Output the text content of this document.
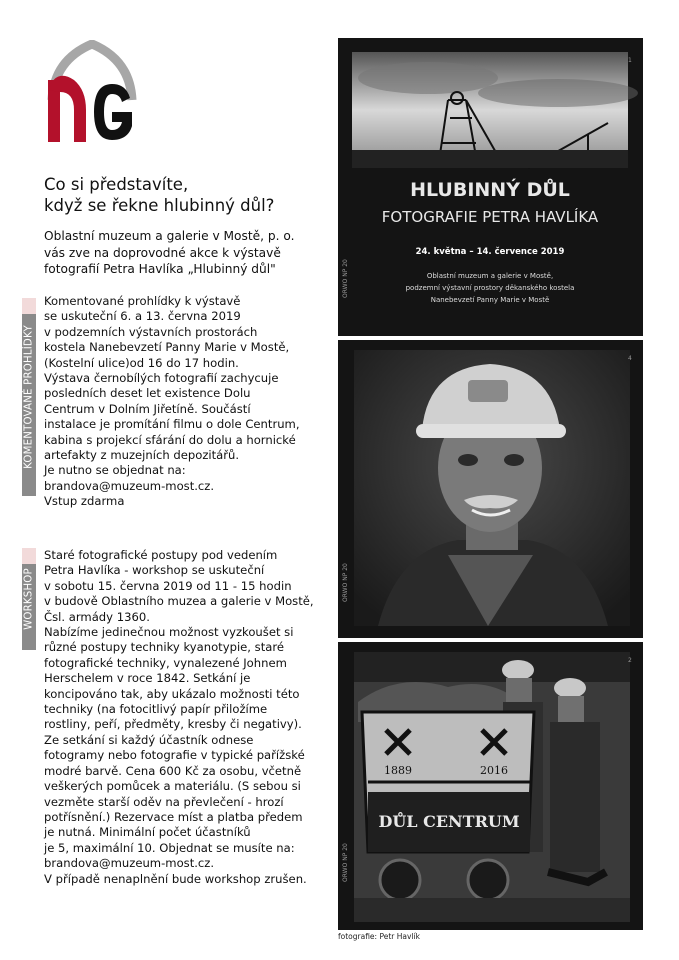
Co si představíte,
když se řekne hlubinný důl?
Oblastní muzeum a galerie v Mostě, p. o.
vás zve na doprovodné akce k výstavě
fotografií Petra Havlíka „Hlubinný důl"
KOMENTOVANÉ PROHLÍDKY

Komentované prohlídky k výstavě
se uskuteční 6. a 13. června 2019
v podzemních výstavních prostorách
kostela Nanebevzetí Panny Marie v Mostě,
(Kostelní ulice)od 16 do 17 hodin.
Výstava černobílých fotografií zachycuje
posledních deset let existence Dolu
Centrum v Dolním Jiřetíně. Součástí
instalace je promítání filmu o dole Centrum,
kabina s projekcí sfárání do dolu a hornické
artefakty z muzejních depozitářů.
Je nutno se objednat na:
brandova@muzeum-most.cz.
Vstup zdarma

WORKSHOP

Staré fotografické postupy pod vedením
Petra Havlíka - workshop se uskuteční
v sobotu 15. června 2019 od 11 - 15 hodin
v budově Oblastního muzea a galerie v Mostě,
Čsl. armády 1360.
Nabízíme jedinečnou možnost vyzkoušet si
různé postupy techniky kyanotypie, staré
fotografické techniky, vynalezené Johnem
Herschelem v roce 1842. Setkání je
koncipováno tak, aby ukázalo možnosti této
techniky (na fotocitlivý papír přiložíme
rostliny, peří, předměty, kresby či negativy).
Ze setkání si každý účastník odnese
fotogramy nebo fotografie v typické pařížské
modré barvě. Cena 600 Kč za osobu, včetně
veškerých pomůcek a materiálu. (S sebou si
vezměte starší oděv na převlečení - hrozí
potřísnění.) Rezervace míst a platba předem
je nutná. Minimální počet účastníků
je 5, maximální 10. Objednat se musíte na:
brandova@muzeum-most.cz.
V případě nenaplnění bude workshop zrušen.

HLUBINNÝ DŮL
FOTOGRAFIE PETRA HAVLÍKA
24. května – 14. července 2019
Oblastní muzeum a galerie v Mostě,
podzemní výstavní prostory děkanského kostela
Nanebevzetí Panny Marie v Mostě
1
ORWO NP 20
4
ORWO NP 20
DŮL CENTRUM
1889	2016
2
ORWO NP 20
fotografie: Petr Havlík
